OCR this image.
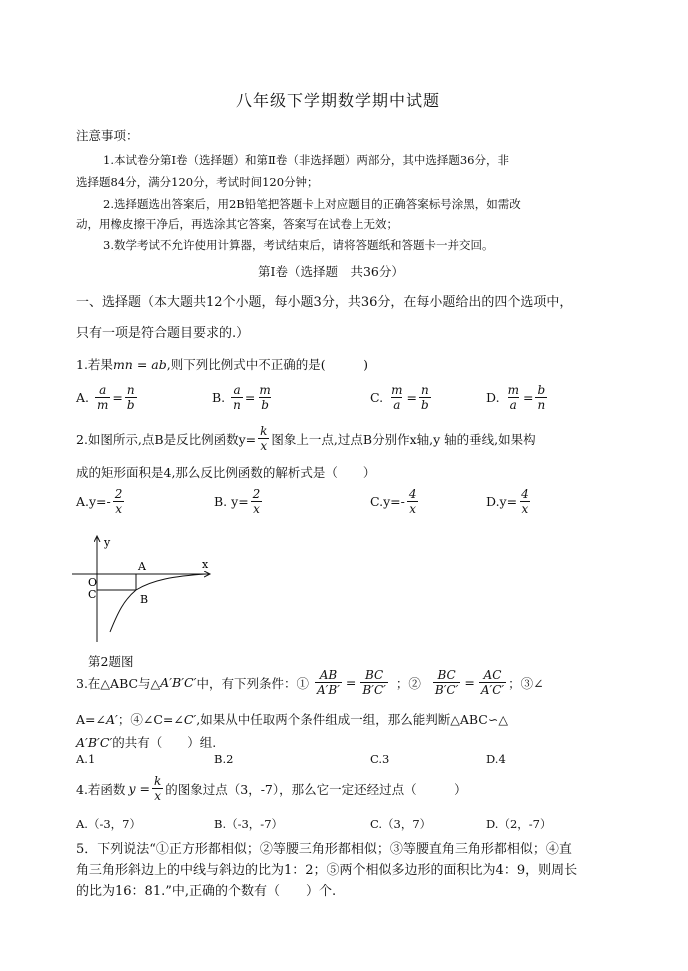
八年级下学期数学期中试题
注意事项：
1.本试卷分第Ⅰ卷（选择题）和第Ⅱ卷（非选择题）两部分，其中选择题36分，非
选择题84分，满分120分，考试时间120分钟；
2.选择题选出答案后，用2B铅笔把答题卡上对应题目的正确答案标号涂黑，如需改
动，用橡皮擦干净后，再选涂其它答案，答案写在试卷上无效；
3.数学考试不允许使用计算器，考试结束后，请将答题纸和答题卡一并交回。
第Ⅰ卷（选择题　共36分）
一、选择题（本大题共12个小题，每小题3分，共36分，在每小题给出的四个选项中，
只有一项是符合题目要求的.）
1.若果mn = ab,则下列比例式中不正确的是(　　　)
A. $\frac{a}{m} = \frac{n}{b}$	B. $\frac{a}{n} = \frac{m}{b}$	C. $\frac{m}{a} = \frac{n}{b}$	D. $\frac{m}{a} = \frac{b}{n}$
2.如图所示,点B是反比例函数$y= \frac{k}{x}$ 图象上一点,过点B分别作x轴,y 轴的垂线,如果构
成的矩形面积是4,那么反比例函数的解析式是（　　）
$A.y=- \frac{2}{x}$	B. $y= \frac{2}{x}$	$C.y=- \frac{4}{x}$	$D.y= \frac{4}{x}$
y
x
A
O
C	B
第2题图
3.在△ABC与△ A′B′C′ 中，有下列条件：① $\frac{AB}{A'B'} = \frac{BC}{B'C'}$ ；② $\frac{BC}{B'C'} = \frac{AC}{A'C'}$ ；③∠
A=∠A′；④∠C=∠C′,如果从中任取两个条件组成一组，那么能判断△ABC∽△
A′B′C′的共有（　　）组.
A.1	B.2	C.3	D.4
4.若函数 $y = \frac{k}{x}$ 的图象过点（3，-7），那么它一定还经过点（　　　）
A.（-3，7）	B.（-3，-7）	C.（3，7）	D.（2，-7）
5．下列说法“①正方形都相似；②等腰三角形都相似；③等腰直角三角形都相似；④直
角三角形斜边上的中线与斜边的比为1：2；⑤两个相似多边形的面积比为4：9，则周长
的比为16：81.”中,正确的个数有（　　）个.
